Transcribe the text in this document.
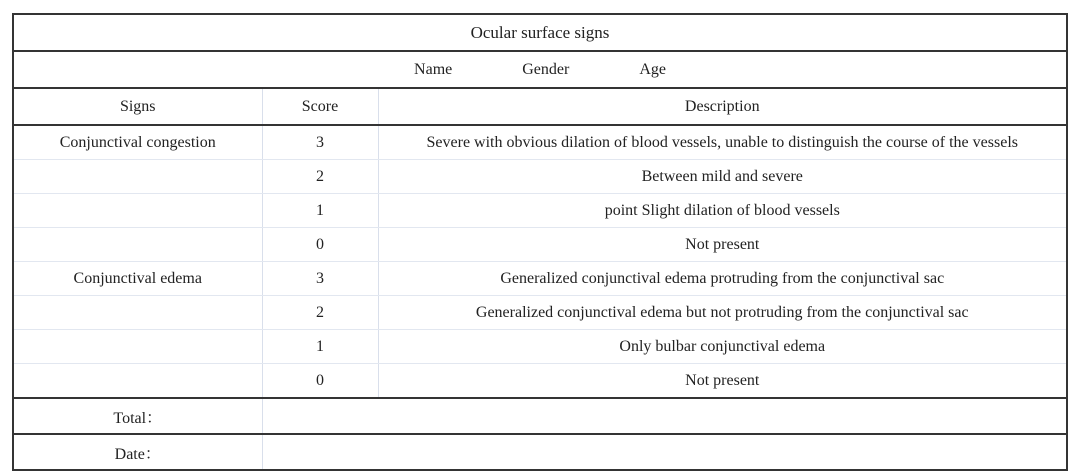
Ocular surface signs		

Name Gender Age		

Signs	Score	Description
Conjunctival congestion	3	Severe with obvious dilation of blood vessels, unable to distinguish the course of the vessels
	2	Between mild and severe
	1	point Slight dilation of blood vessels
	0	Not present
Conjunctival edema	3	Generalized conjunctival edema protruding from the conjunctival sac
	2	Generalized conjunctival edema but not protruding from the conjunctival sac
	1	Only bulbar conjunctival edema
	0	Not present
Total：		
Date：		
